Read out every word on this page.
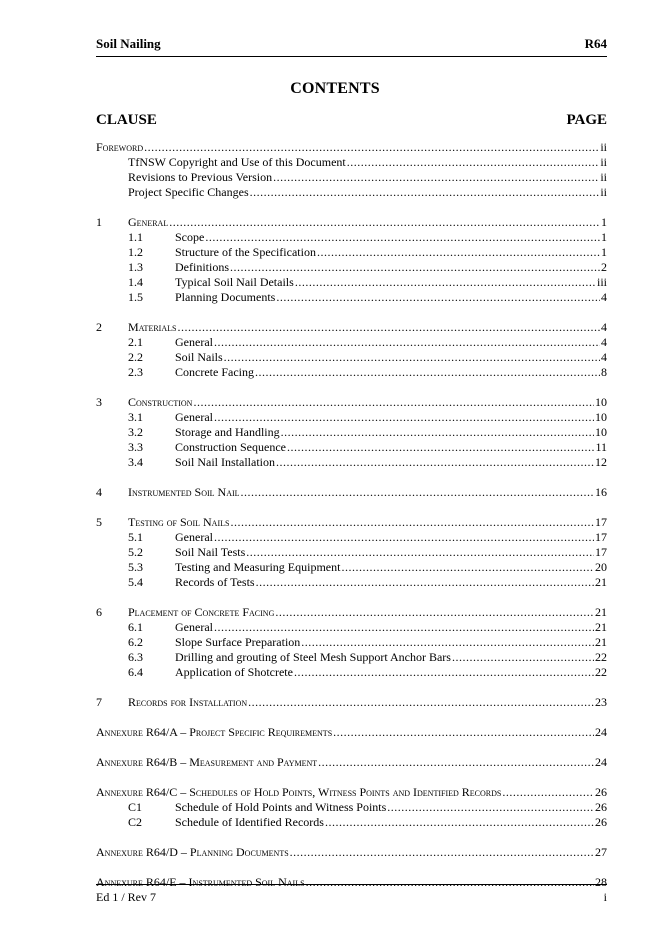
Soil Nailing	R64
CONTENTS
CLAUSE	PAGE
Foreword .....	ii
TfNSW Copyright and Use of this Document .....	ii
Revisions to Previous Version .....	ii
Project Specific Changes .....	ii
1	General .....	1
1.1	Scope .....	1
1.2	Structure of the Specification .....	1
1.3	Definitions .....	2
1.4	Typical Soil Nail Details .....	iii
1.5	Planning Documents .....	4
2	Materials .....	4
2.1	General .....	4
2.2	Soil Nails .....	4
2.3	Concrete Facing .....	8
3	Construction .....	10
3.1	General .....	10
3.2	Storage and Handling .....	10
3.3	Construction Sequence .....	11
3.4	Soil Nail Installation .....	12
4	Instrumented Soil Nail .....	16
5	Testing of Soil Nails .....	17
5.1	General .....	17
5.2	Soil Nail Tests .....	17
5.3	Testing and Measuring Equipment .....	20
5.4	Records of Tests .....	21
6	Placement of Concrete Facing .....	21
6.1	General .....	21
6.2	Slope Surface Preparation .....	21
6.3	Drilling and grouting of Steel Mesh Support Anchor Bars .....	22
6.4	Application of Shotcrete .....	22
7	Records for Installation .....	23
Annexure R64/A – Project Specific Requirements .....	24
Annexure R64/B – Measurement and Payment .....	24
Annexure R64/C – Schedules of Hold Points, Witness Points and Identified Records .....	26
C1	Schedule of Hold Points and Witness Points .....	26
C2	Schedule of Identified Records .....	26
Annexure R64/D – Planning Documents .....	27
Annexure R64/E – Instrumented Soil Nails .....	28
Ed 1 / Rev 7	i
